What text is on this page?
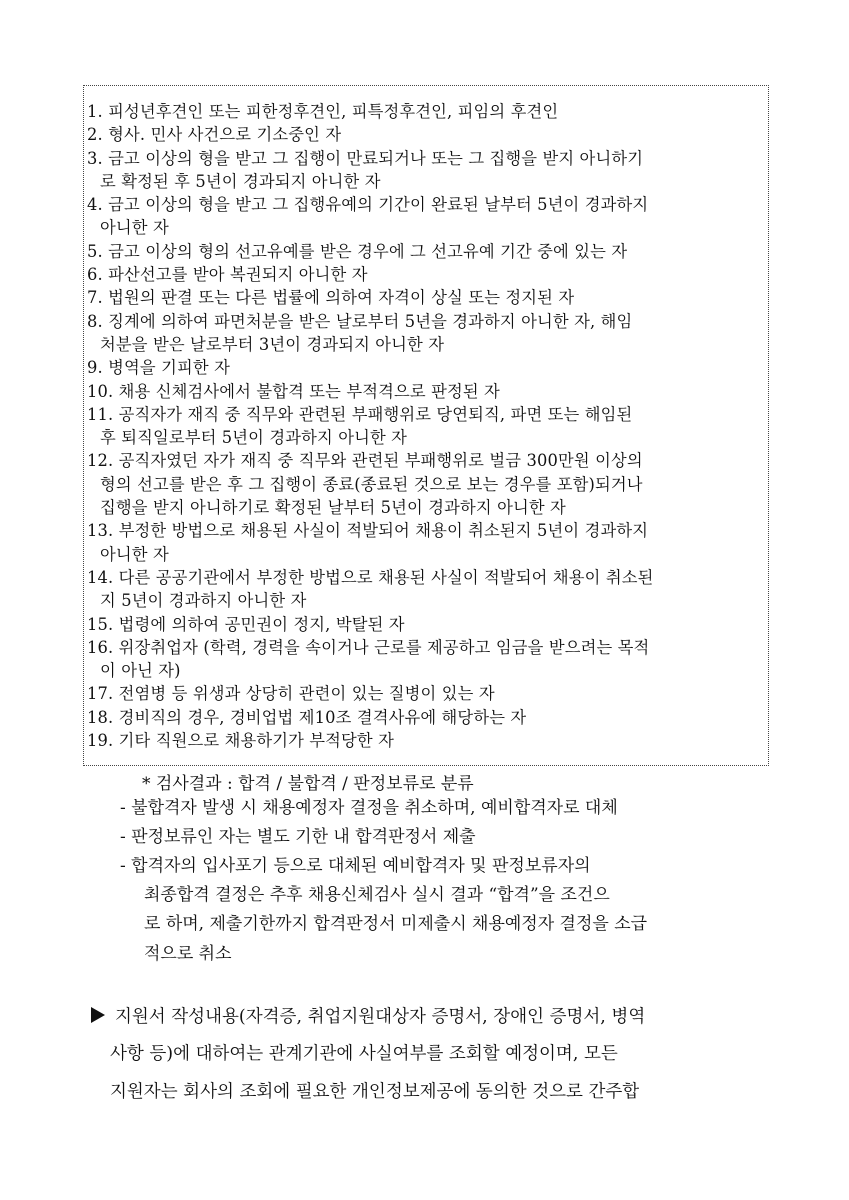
1. 피성년후견인 또는 피한정후견인, 피특정후견인, 피임의 후견인
2. 형사. 민사 사건으로 기소중인 자
3. 금고 이상의 형을 받고 그 집행이 만료되거나 또는 그 집행을 받지 아니하기
로 확정된 후 5년이 경과되지 아니한 자
4. 금고 이상의 형을 받고 그 집행유예의 기간이 완료된 날부터 5년이 경과하지
아니한 자
5. 금고 이상의 형의 선고유예를 받은 경우에 그 선고유예 기간 중에 있는 자
6. 파산선고를 받아 복권되지 아니한 자
7. 법원의 판결 또는 다른 법률에 의하여 자격이 상실 또는 정지된 자
8. 징계에 의하여 파면처분을 받은 날로부터 5년을 경과하지 아니한 자, 해임
처분을 받은 날로부터 3년이 경과되지 아니한 자
9. 병역을 기피한 자
10. 채용 신체검사에서 불합격 또는 부적격으로 판정된 자
11. 공직자가 재직 중 직무와 관련된 부패행위로 당연퇴직, 파면 또는 해임된
후 퇴직일로부터 5년이 경과하지 아니한 자
12. 공직자였던 자가 재직 중 직무와 관련된 부패행위로 벌금 300만원 이상의
형의 선고를 받은 후 그 집행이 종료(종료된 것으로 보는 경우를 포함)되거나
집행을 받지 아니하기로 확정된 날부터 5년이 경과하지 아니한 자
13. 부정한 방법으로 채용된 사실이 적발되어 채용이 취소된지 5년이 경과하지
아니한 자
14. 다른 공공기관에서 부정한 방법으로 채용된 사실이 적발되어 채용이 취소된
지 5년이 경과하지 아니한 자
15. 법령에 의하여 공민권이 정지, 박탈된 자
16. 위장취업자 (학력, 경력을 속이거나 근로를 제공하고 임금을 받으려는 목적
이 아닌 자)
17. 전염병 등 위생과 상당히 관련이 있는 질병이 있는 자
18. 경비직의 경우, 경비업법 제10조 결격사유에 해당하는 자
19. 기타 직원으로 채용하기가 부적당한 자
* 검사결과 : 합격 / 불합격 / 판정보류로 분류
- 불합격자 발생 시 채용예정자 결정을 취소하며, 예비합격자로 대체
- 판정보류인 자는 별도 기한 내 합격판정서 제출
- 합격자의 입사포기 등으로 대체된 예비합격자 및 판정보류자의
최종합격 결정은 추후 채용신체검사 실시 결과 “합격”을 조건으
로 하며, 제출기한까지 합격판정서 미제출시 채용예정자 결정을 소급
적으로 취소
지원서 작성내용(자격증, 취업지원대상자 증명서, 장애인 증명서, 병역
사항 등)에 대하여는 관계기관에 사실여부를 조회할 예정이며, 모든
지원자는 회사의 조회에 필요한 개인정보제공에 동의한 것으로 간주합
